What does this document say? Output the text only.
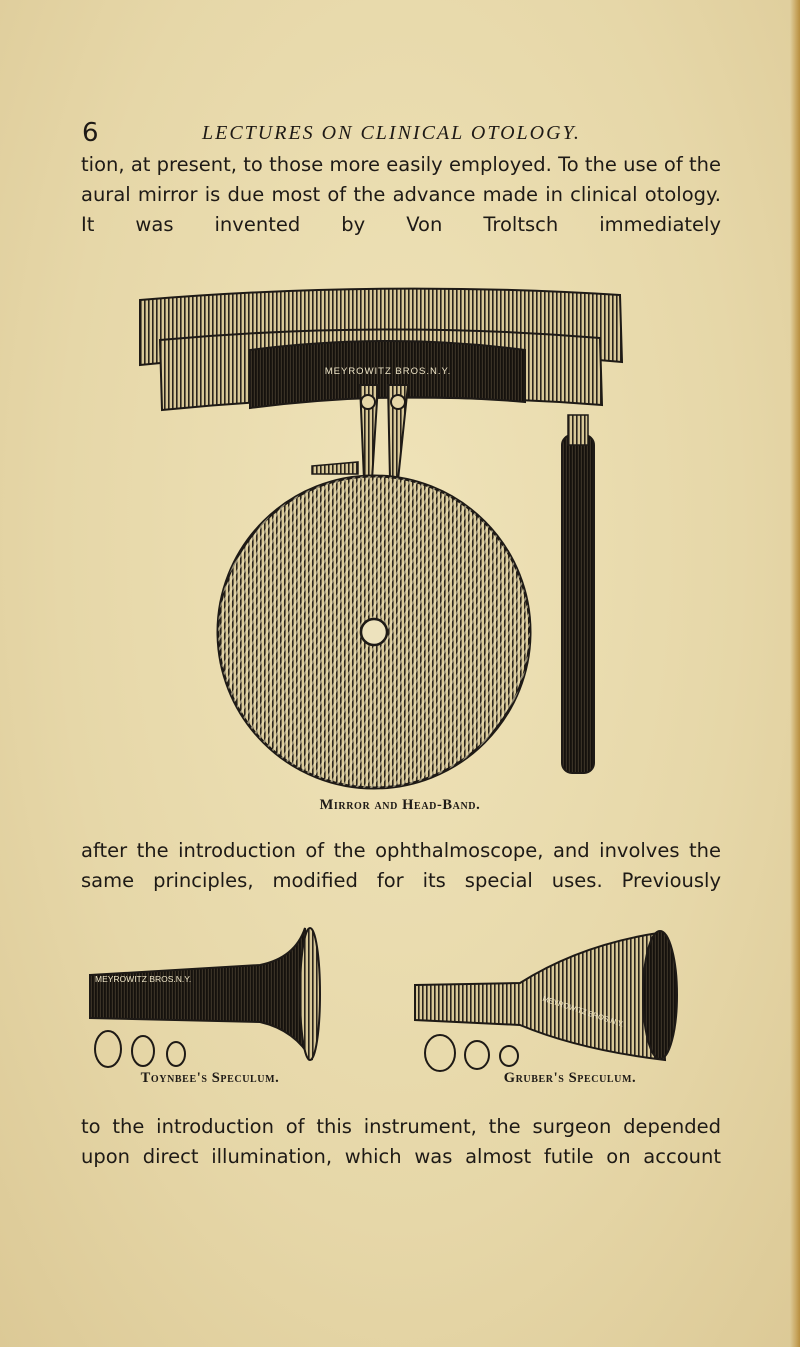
6	LECTURES ON CLINICAL OTOLOGY.

tion, at present, to those more easily employed. To the use of the aural mirror is due most of the advance made in clinical otology. It was invented by Von Troltsch immediately

MEYROWITZ BROS.N.Y.
Mirror and Head-Band.

after the introduction of the ophthalmoscope, and involves the same principles, modified for its special uses. Previously

MEYROWITZ BROS.N.Y.
Toynbee's Speculum.
MEYROWITZ BROS.N.Y.
Gruber's Speculum.

to the introduction of this instrument, the surgeon depended upon direct illumination, which was almost futile on account
